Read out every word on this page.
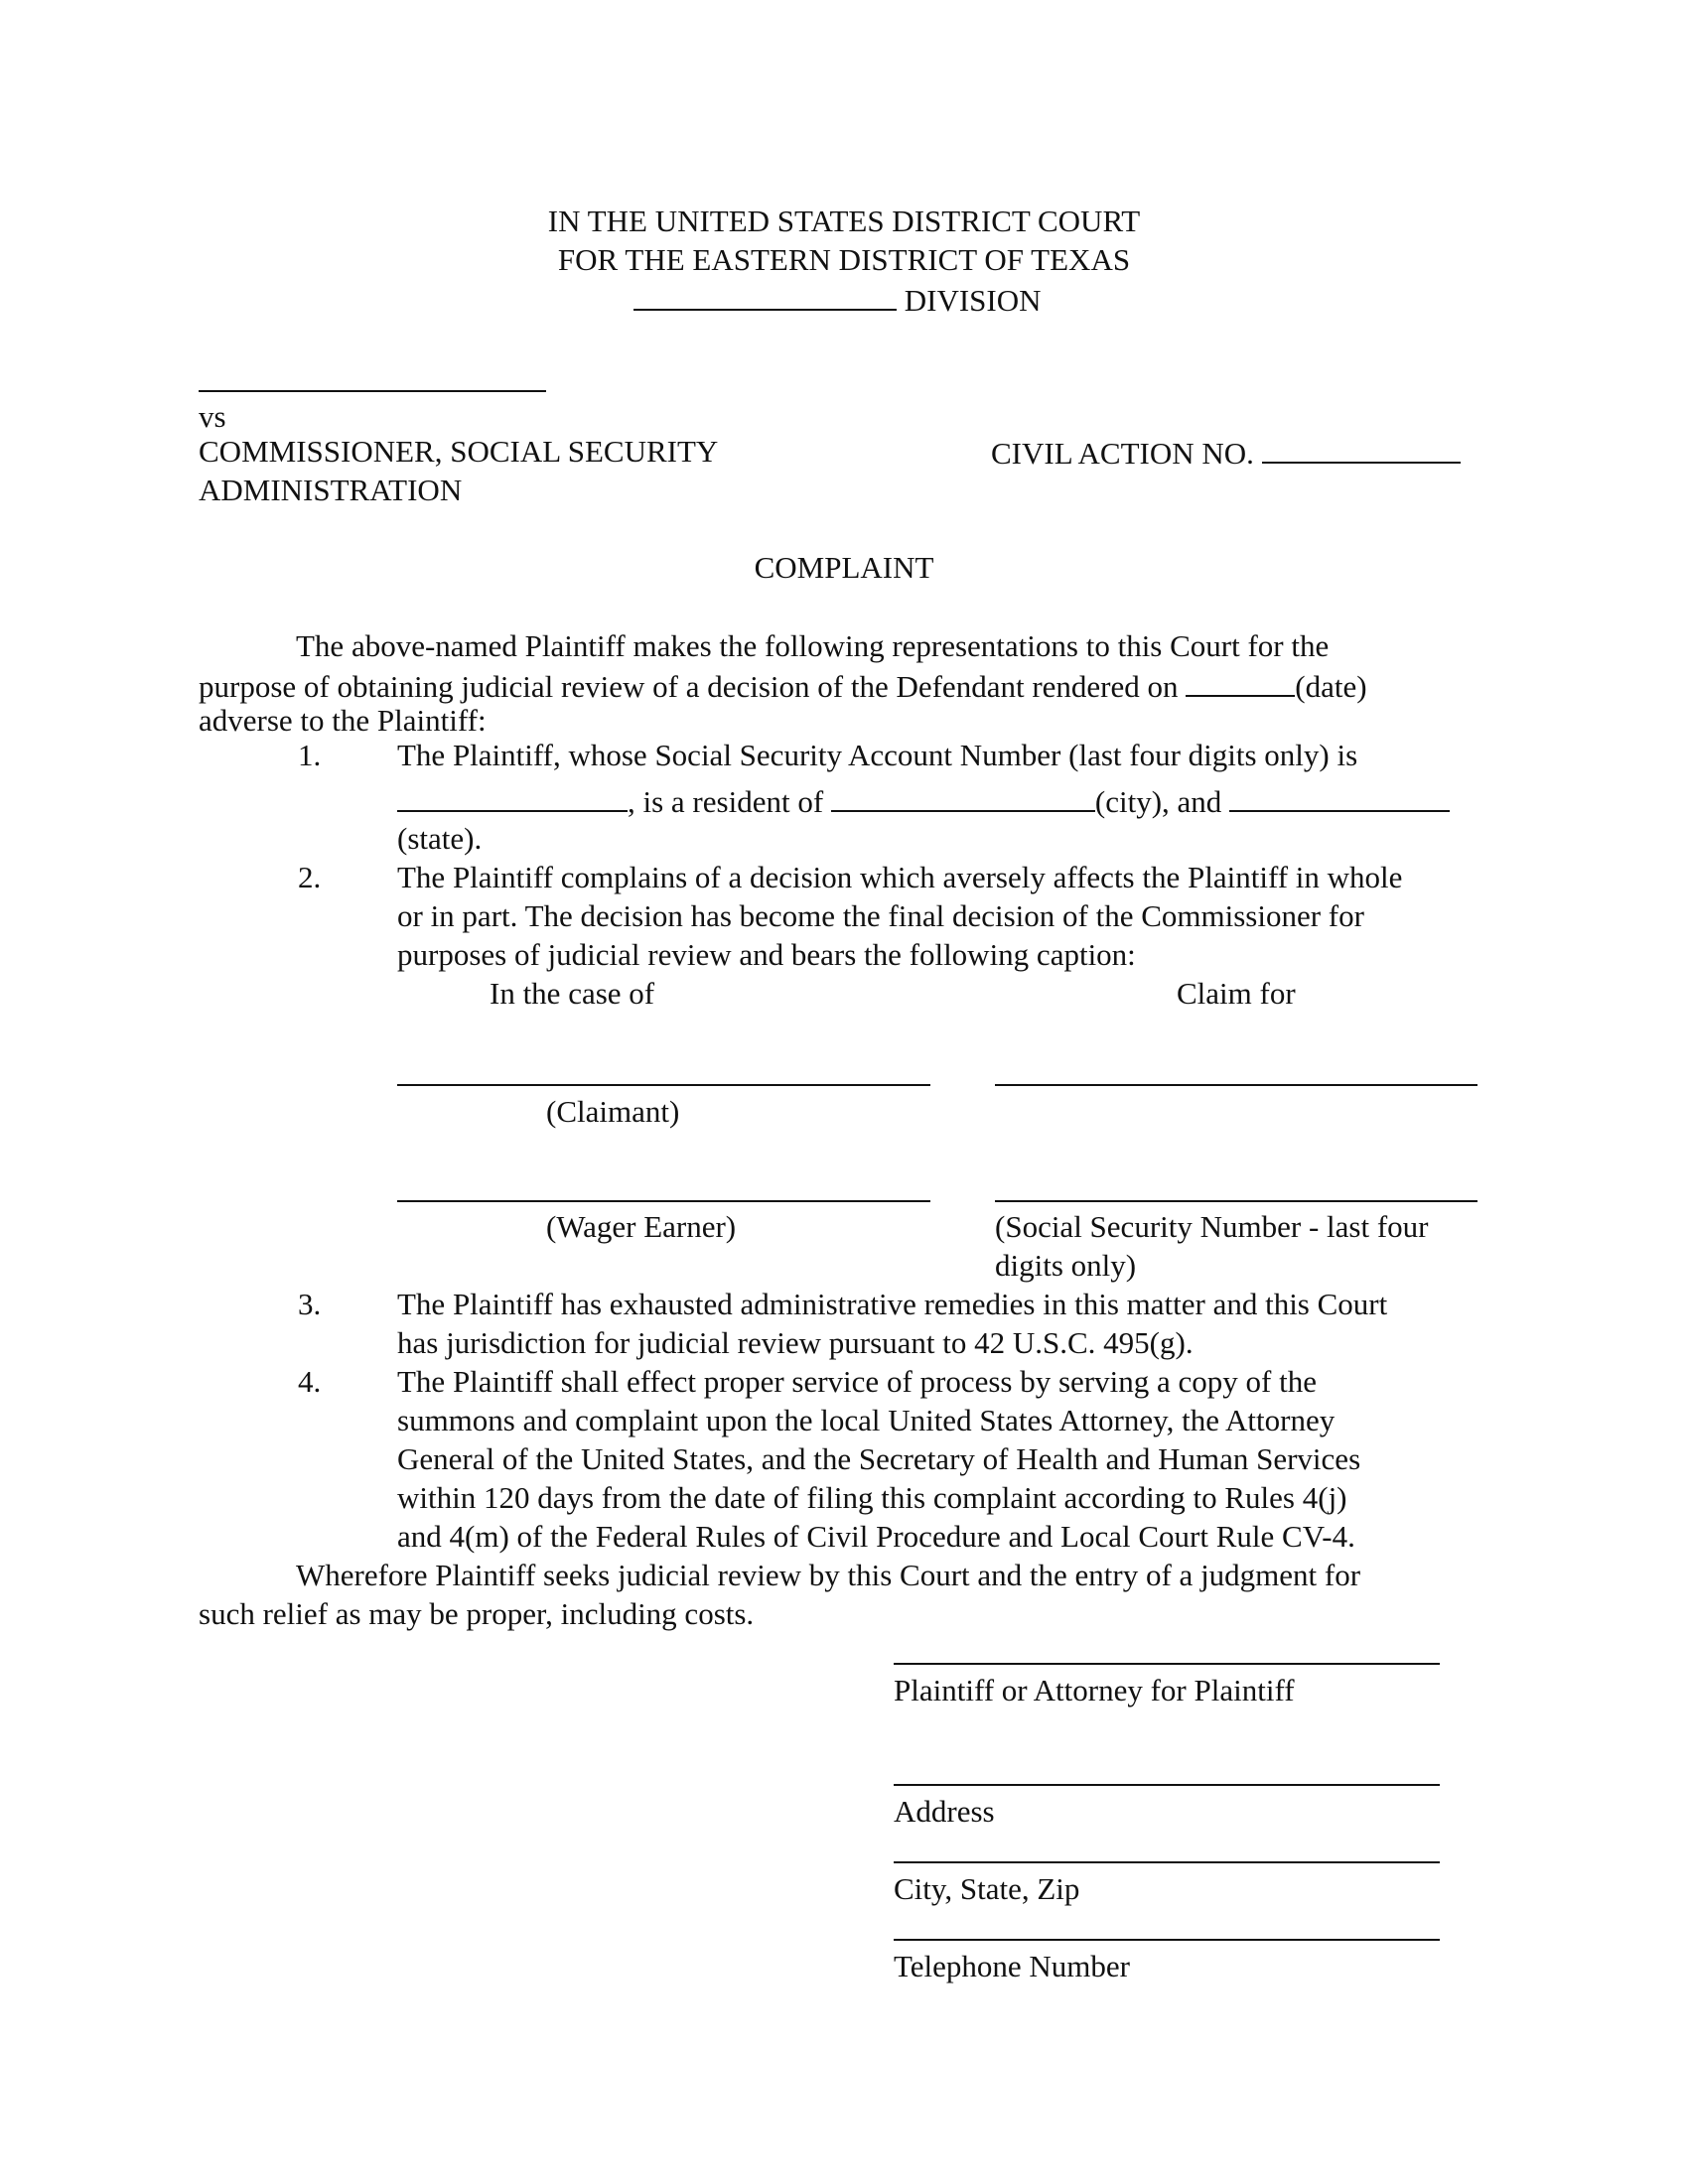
IN THE UNITED STATES DISTRICT COURT
FOR THE EASTERN DISTRICT OF TEXAS
DIVISION
vs
COMMISSIONER, SOCIAL SECURITY
ADMINISTRATION
CIVIL ACTION NO.
COMPLAINT
The above-named Plaintiff makes the following representations to this Court for the
purpose of obtaining judicial review of a decision of the Defendant rendered on	(date)
adverse to the Plaintiff:
1. The Plaintiff, whose Social Security Account Number (last four digits only) is
, is a resident of	(city), and
(state).
2. The Plaintiff complains of a decision which aversely affects the Plaintiff in whole
or in part. The decision has become the final decision of the Commissioner for
purposes of judicial review and bears the following caption:
In the case of	Claim for
(Claimant)
(Wager Earner)	(Social Security Number - last four
digits only)
3. The Plaintiff has exhausted administrative remedies in this matter and this Court
has jurisdiction for judicial review pursuant to 42 U.S.C. 495(g).
4. The Plaintiff shall effect proper service of process by serving a copy of the
summons and complaint upon the local United States Attorney, the Attorney
General of the United States, and the Secretary of Health and Human Services
within 120 days from the date of filing this complaint according to Rules 4(j)
and 4(m) of the Federal Rules of Civil Procedure and Local Court Rule CV-4.
Wherefore Plaintiff seeks judicial review by this Court and the entry of a judgment for
such relief as may be proper, including costs.
Plaintiff or Attorney for Plaintiff
Address
City, State, Zip
Telephone Number
